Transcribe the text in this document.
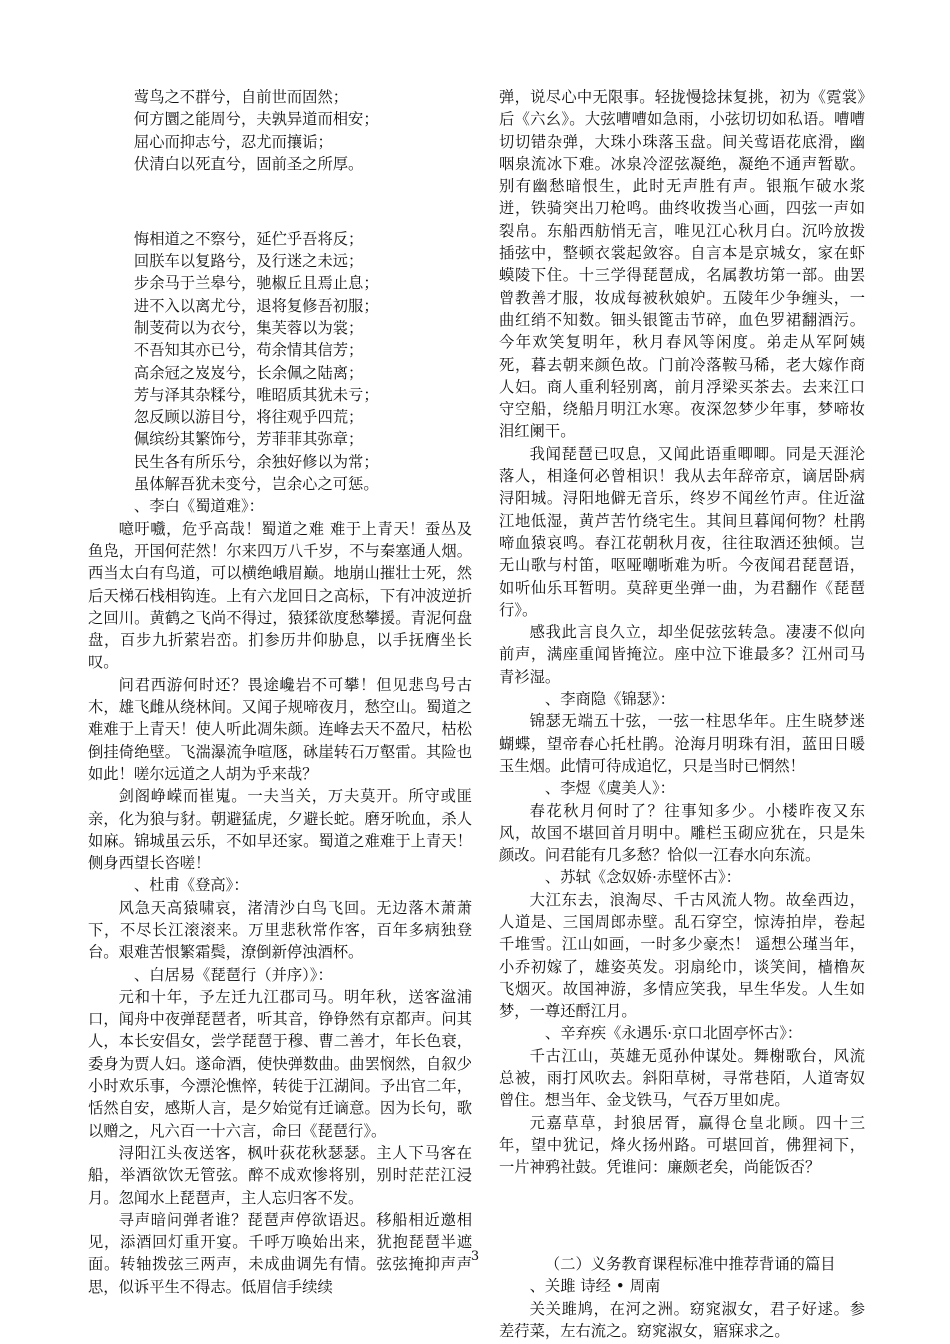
莺鸟之不群兮，自前世而固然；

何方圜之能周兮，夫孰异道而相安；

屈心而抑志兮，忍尤而攘诟；

伏清白以死直兮，固前圣之所厚。

悔相道之不察兮，延伫乎吾将反；

回朕车以复路兮，及行迷之未远；

步余马于兰皋兮，驰椒丘且焉止息；

进不入以离尤兮，退将复修吾初服；

制芰荷以为衣兮，集芙蓉以为裳；

不吾知其亦已兮，苟余情其信芳；

高余冠之岌岌兮，长余佩之陆离；

芳与泽其杂糅兮，唯昭质其犹未亏；

忽反顾以游目兮，将往观乎四荒；

佩缤纷其繁饰兮，芳菲菲其弥章；

民生各有所乐兮，余独好修以为常；

虽体解吾犹未变兮，岂余心之可惩。

、李白《蜀道难》：

噫吁嚱，危乎高哉！蜀道之难 难于上青天！蚕丛及鱼凫，开国何茫然！尔来四万八千岁，不与秦塞通人烟。西当太白有鸟道，可以横绝峨眉巅。地崩山摧壮士死，然后天梯石栈相钩连。上有六龙回日之高标，下有冲波逆折之回川。黄鹤之飞尚不得过，猿猱欲度愁攀援。青泥何盘盘，百步九折萦岩峦。扪参历井仰胁息，以手抚膺坐长叹。

问君西游何时还？畏途巉岩不可攀！但见悲鸟号古木，雄飞雌从绕林间。又闻子规啼夜月，愁空山。蜀道之难难于上青天！使人听此凋朱颜。连峰去天不盈尺，枯松倒挂倚绝壁。飞湍瀑流争喧豗，砯崖转石万壑雷。其险也如此！嗟尔远道之人胡为乎来哉？

剑阁峥嵘而崔嵬。一夫当关，万夫莫开。所守或匪亲，化为狼与豺。朝避猛虎，夕避长蛇。磨牙吮血，杀人如麻。锦城虽云乐，不如早还家。蜀道之难难于上青天！侧身西望长咨嗟！

、杜甫《登高》：

风急天高猿啸哀，渚清沙白鸟飞回。无边落木萧萧下，不尽长江滚滚来。万里悲秋常作客，百年多病独登台。艰难苦恨繁霜鬓，潦倒新停浊酒杯。

、白居易《琵琶行（并序）》：

元和十年，予左迁九江郡司马。明年秋，送客湓浦口，闻舟中夜弹琵琶者，听其音，铮铮然有京都声。问其人，本长安倡女，尝学琵琶于穆、曹二善才，年长色衰，委身为贾人妇。遂命酒，使快弹数曲。曲罢悯然，自叙少小时欢乐事，今漂沦憔悴，转徙于江湖间。予出官二年，恬然自安，感斯人言，是夕始觉有迁谪意。因为长句，歌以赠之，凡六百一十六言，命曰《琵琶行》。

浔阳江头夜送客，枫叶荻花秋瑟瑟。主人下马客在船，举酒欲饮无管弦。醉不成欢惨将别，别时茫茫江浸月。忽闻水上琵琶声，主人忘归客不发。

寻声暗问弹者谁？琵琶声停欲语迟。移船相近邀相见，添酒回灯重开宴。千呼万唤始出来，犹抱琵琶半遮面。转轴拨弦三两声，未成曲调先有情。弦弦掩抑声声思，似诉平生不得志。低眉信手续续

弹，说尽心中无限事。轻拢慢捻抹复挑，初为《霓裳》后《六幺》。大弦嘈嘈如急雨，小弦切切如私语。嘈嘈切切错杂弹，大珠小珠落玉盘。间关莺语花底滑，幽咽泉流冰下难。冰泉冷涩弦凝绝，凝绝不通声暂歇。别有幽愁暗恨生，此时无声胜有声。银瓶乍破水浆迸，铁骑突出刀枪鸣。曲终收拨当心画，四弦一声如裂帛。东船西舫悄无言，唯见江心秋月白。沉吟放拨插弦中，整顿衣裳起敛容。自言本是京城女，家在虾蟆陵下住。十三学得琵琶成，名属教坊第一部。曲罢曾教善才服，妆成每被秋娘妒。五陵年少争缠头，一曲红绡不知数。钿头银篦击节碎，血色罗裙翻酒污。今年欢笑复明年，秋月春风等闲度。弟走从军阿姨死，暮去朝来颜色故。门前冷落鞍马稀，老大嫁作商人妇。商人重利轻别离，前月浮梁买茶去。去来江口守空船，绕船月明江水寒。夜深忽梦少年事，梦啼妆泪红阑干。

我闻琵琶已叹息，又闻此语重唧唧。同是天涯沦落人，相逢何必曾相识！我从去年辞帝京，谪居卧病浔阳城。浔阳地僻无音乐，终岁不闻丝竹声。住近湓江地低湿，黄芦苦竹绕宅生。其间旦暮闻何物？杜鹃啼血猿哀鸣。春江花朝秋月夜，往往取酒还独倾。岂无山歌与村笛，呕哑嘲哳难为听。今夜闻君琵琶语，如听仙乐耳暂明。莫辞更坐弹一曲，为君翻作《琵琶行》。

感我此言良久立，却坐促弦弦转急。凄凄不似向前声，满座重闻皆掩泣。座中泣下谁最多？江州司马青衫湿。

、李商隐《锦瑟》：

锦瑟无端五十弦，一弦一柱思华年。庄生晓梦迷蝴蝶，望帝春心托杜鹃。沧海月明珠有泪，蓝田日暖玉生烟。此情可待成追忆，只是当时已惘然！

、李煜《虞美人》：

春花秋月何时了？往事知多少。小楼昨夜又东风，故国不堪回首月明中。雕栏玉砌应犹在，只是朱颜改。问君能有几多愁？恰似一江春水向东流。

、苏轼《念奴娇·赤壁怀古》：

大江东去，浪淘尽、千古风流人物。故垒西边，人道是、三国周郎赤壁。乱石穿空，惊涛拍岸，卷起千堆雪。江山如画，一时多少豪杰！ 遥想公瑾当年，小乔初嫁了，雄姿英发。羽扇纶巾，谈笑间，樯橹灰飞烟灭。故国神游，多情应笑我，早生华发。人生如梦，一尊还酹江月。

、辛弃疾《永遇乐·京口北固亭怀古》：

千古江山，英雄无觅孙仲谋处。舞榭歌台，风流总被，雨打风吹去。斜阳草树，寻常巷陌，人道寄奴曾住。想当年、金戈铁马，气吞万里如虎。

元嘉草草，封狼居胥，赢得仓皇北顾。四十三年，望中犹记，烽火扬州路。可堪回首，佛狸祠下，一片神鸦社鼓。凭谁问：廉颇老矣，尚能饭否？

（二）义务教育课程标准中推荐背诵的篇目

、关雎 诗经 • 周南

关关雎鸠，在河之洲。窈窕淑女，君子好逑。参差荇菜，左右流之。窈窕淑女，寤寐求之。

3
